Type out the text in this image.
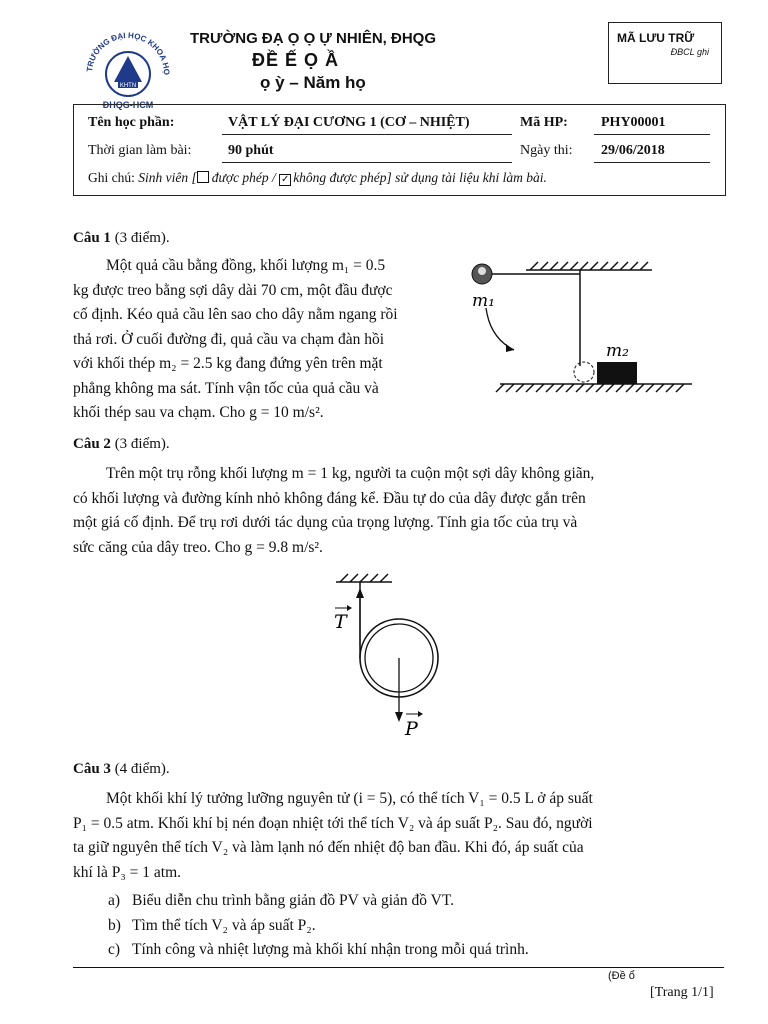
TRƯỜNG ĐẠI HỌC KHOA HỌ
KHTN
ĐHQG-HCM
TRƯỜNG ĐẠ Ọ Ọ Ự NHIÊN, ĐHQG
ĐỀ Ế Ọ Ầ
ọ ỳ – Năm họ
MÃ LƯU TRỮ
ĐBCL ghi
Tên học phần:	VẬT LÝ ĐẠI CƯƠNG 1 (CƠ – NHIỆT)	Mã HP: PHY00001
Thời gian làm bài:	90 phút	Ngày thi: 29/06/2018
Ghi chú: Sinh viên [ được phép / ✓ không được phép] sử dụng tài liệu khi làm bài.
Câu 1 (3 điểm).
Một quả cầu bằng đồng, khối lượng m₁ = 0.5
kg được treo bằng sợi dây dài 70 cm, một đầu được
cố định. Kéo quả cầu lên sao cho dây nằm ngang rồi
thả rơi. Ở cuối đường đi, quả cầu va chạm đàn hồi
với khối thép m₂ = 2.5 kg đang đứng yên trên mặt
phẳng không ma sát. Tính vận tốc của quả cầu và
khối thép sau va chạm. Cho g = 10 m/s².
m₁
m₂
Câu 2 (3 điểm).
Trên một trụ rỗng khối lượng m = 1 kg, người ta cuộn một sợi dây không giãn,
có khối lượng và đường kính nhỏ không đáng kể. Đầu tự do của dây được gắn trên
một giá cố định. Để trụ rơi dưới tác dụng của trọng lượng. Tính gia tốc của trụ và
sức căng của dây treo. Cho g = 9.8 m/s².
T
P
Câu 3 (4 điểm).
Một khối khí lý tưởng lưỡng nguyên tử (i = 5), có thể tích V₁ = 0.5 L ở áp suất
P₁ = 0.5 atm. Khối khí bị nén đoạn nhiệt tới thể tích V₂ và áp suất P₂. Sau đó, người
ta giữ nguyên thể tích V₂ và làm lạnh nó đến nhiệt độ ban đầu. Khi đó, áp suất của
khí là P₃ = 1 atm.
a) Biểu diễn chu trình bằng giản đồ PV và giản đồ VT.
b) Tìm thể tích V₂ và áp suất P₂.
c) Tính công và nhiệt lượng mà khối khí nhận trong mỗi quá trình.
(Đề ổ
[Trang 1/1]
